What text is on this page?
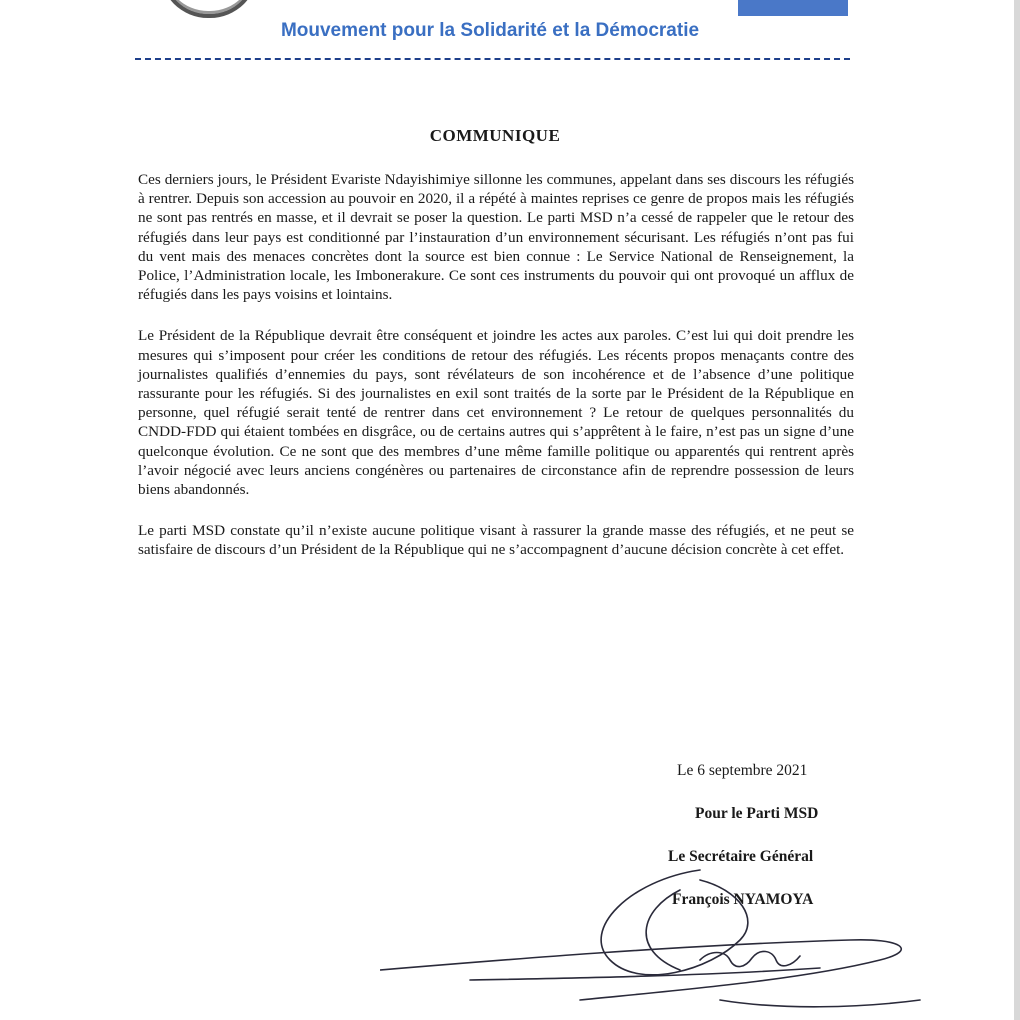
Mouvement pour la Solidarité et la Démocratie
COMMUNIQUE

Ces derniers jours, le Président Evariste Ndayishimiye sillonne les communes, appelant dans ses discours les réfugiés à rentrer. Depuis son accession au pouvoir en 2020, il a répété à maintes reprises ce genre de propos mais les réfugiés ne sont pas rentrés en masse, et il devrait se poser la question. Le parti MSD n’a cessé de rappeler que le retour des réfugiés dans leur pays est conditionné par l’instauration d’un environnement sécurisant. Les réfugiés n’ont pas fui du vent mais des menaces concrètes dont la source est bien connue : Le Service National de Renseignement, la Police, l’Administration locale, les Imbonerakure. Ce sont ces instruments du pouvoir qui ont provoqué un afflux de réfugiés dans les pays voisins et lointains.

Le Président de la République devrait être conséquent et joindre les actes aux paroles. C’est lui qui doit prendre les mesures qui s’imposent pour créer les conditions de retour des réfugiés. Les récents propos menaçants contre des journalistes qualifiés d’ennemies du pays, sont révélateurs de son incohérence et de l’absence d’une politique rassurante pour les réfugiés. Si des journalistes en exil sont traités de la sorte par le Président de la République en personne, quel réfugié serait tenté de rentrer dans cet environnement ? Le retour de quelques personnalités du CNDD-FDD qui étaient tombées en disgrâce, ou de certains autres qui s’apprêtent à le faire, n’est pas un signe d’une quelconque évolution. Ce ne sont que des membres d’une même famille politique ou apparentés qui rentrent après l’avoir négocié avec leurs anciens congénères ou partenaires de circonstance afin de reprendre possession de leurs biens abandonnés.

Le parti MSD constate qu’il n’existe aucune politique visant à rassurer la grande masse des réfugiés, et ne peut se satisfaire de discours d’un Président de la République qui ne s’accompagnent d’aucune décision concrète à cet effet.

Le 6 septembre 2021
Pour le Parti MSD
Le Secrétaire Général
François NYAMOYA
